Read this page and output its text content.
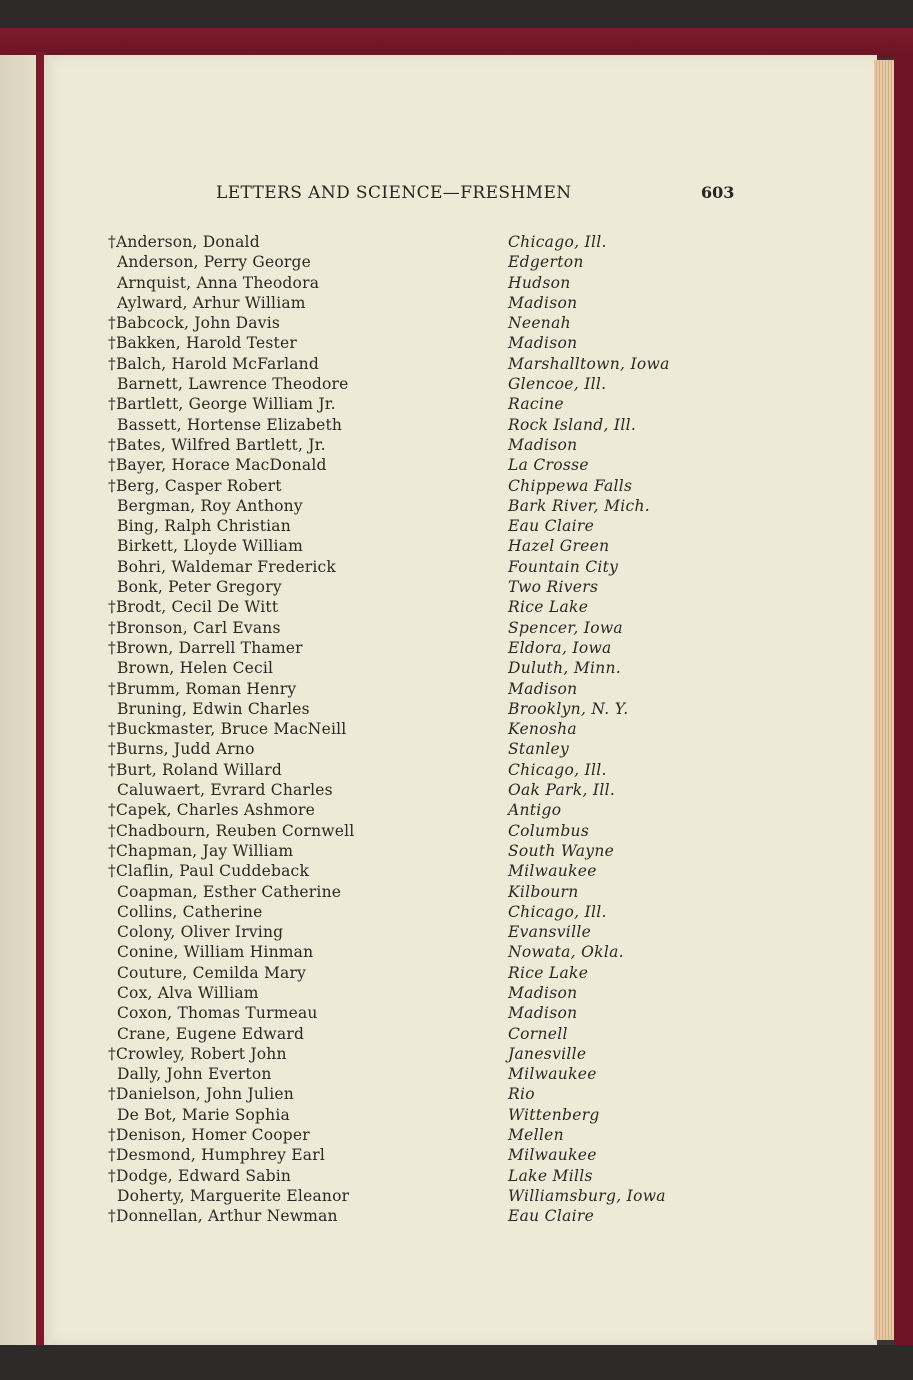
LETTERS AND SCIENCE—FRESHMEN	603
†Anderson, Donald	Chicago, Ill.
Anderson, Perry George	Edgerton
Arnquist, Anna Theodora	Hudson
Aylward, Arhur William	Madison
†Babcock, John Davis	Neenah
†Bakken, Harold Tester	Madison
†Balch, Harold McFarland	Marshalltown, Iowa
Barnett, Lawrence Theodore	Glencoe, Ill.
†Bartlett, George William Jr.	Racine
Bassett, Hortense Elizabeth	Rock Island, Ill.
†Bates, Wilfred Bartlett, Jr.	Madison
†Bayer, Horace MacDonald	La Crosse
†Berg, Casper Robert	Chippewa Falls
Bergman, Roy Anthony	Bark River, Mich.
Bing, Ralph Christian	Eau Claire
Birkett, Lloyde William	Hazel Green
Bohri, Waldemar Frederick	Fountain City
Bonk, Peter Gregory	Two Rivers
†Brodt, Cecil De Witt	Rice Lake
†Bronson, Carl Evans	Spencer, Iowa
†Brown, Darrell Thamer	Eldora, Iowa
Brown, Helen Cecil	Duluth, Minn.
†Brumm, Roman Henry	Madison
Bruning, Edwin Charles	Brooklyn, N. Y.
†Buckmaster, Bruce MacNeill	Kenosha
†Burns, Judd Arno	Stanley
†Burt, Roland Willard	Chicago, Ill.
Caluwaert, Evrard Charles	Oak Park, Ill.
†Capek, Charles Ashmore	Antigo
†Chadbourn, Reuben Cornwell	Columbus
†Chapman, Jay William	South Wayne
†Claflin, Paul Cuddeback	Milwaukee
Coapman, Esther Catherine	Kilbourn
Collins, Catherine	Chicago, Ill.
Colony, Oliver Irving	Evansville
Conine, William Hinman	Nowata, Okla.
Couture, Cemilda Mary	Rice Lake
Cox, Alva William	Madison
Coxon, Thomas Turmeau	Madison
Crane, Eugene Edward	Cornell
†Crowley, Robert John	Janesville
Dally, John Everton	Milwaukee
†Danielson, John Julien	Rio
De Bot, Marie Sophia	Wittenberg
†Denison, Homer Cooper	Mellen
†Desmond, Humphrey Earl	Milwaukee
†Dodge, Edward Sabin	Lake Mills
Doherty, Marguerite Eleanor	Williamsburg, Iowa
†Donnellan, Arthur Newman	Eau Claire
